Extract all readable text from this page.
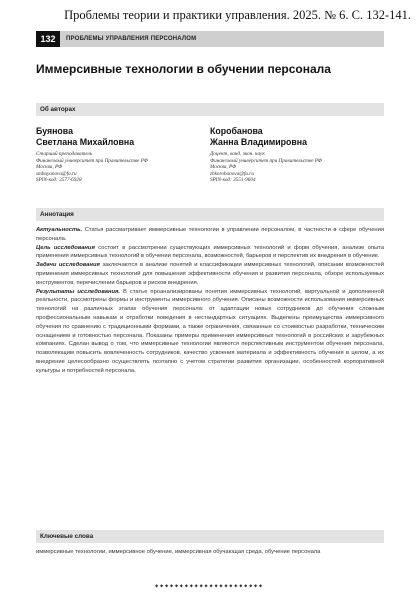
Проблемы теории и практики управления. 2025. № 6. С. 132-141.
132	ПРОБЛЕМЫ УПРАВЛЕНИЯ ПЕРСОНАЛОМ
Иммерсивные технологии в обучении персонала
Об авторах
Буянова
Светлана Михайловна
Старший преподаватель
Финансовый университет при Правительстве РФ
Москва, РФ
smbuyanova@fa.ru
SPIN-код: 2577-6928
Коробанова
Жанна Владимировна
Доцент, канд. экон. наук
Финансовый университет при Правительстве РФ
Москва, РФ
zhkorobanova@fa.ru
SPIN-код: 3551-9604
Аннотация

Актуальность. Статья рассматривает иммерсивные технологии в управлении персоналом, в частности в сфере обучения персонала.

Цель исследования состоит в рассмотрении существующих иммерсивных технологий и форм обучения, анализе опыта применения иммерсивных технологий в обучении персонала, возможностей, барьеров и перспектив их внедрения в обучение.

Задачи исследования заключаются в анализе понятий и классификации иммерсивных технологий, описании возможностей применения иммерсивных технологий для повышения эффективности обучения и развития персонала, обзоре используемых инструментов, перечислении барьеров и рисков внедрения.

Результаты исследования. В статье проанализированы понятия иммерсивных технологий, виртуальной и дополненной реальности, рассмотрены формы и инструменты иммерсивного обучения. Описаны возможности использования иммерсивных технологий на различных этапах обучения персонала: от адаптации новых сотрудников до обучения сложным профессиональным навыкам и отработки поведения в нестандартных ситуациях. Выделены преимущества иммерсивного обучения по сравнению с традиционными формами, а также ограничения, связанные со стоимостью разработки, техническим оснащением и готовностью персонала. Показаны примеры применения иммерсивных технологий в российских и зарубежных компаниях. Сделан вывод о том, что иммерсивные технологии являются перспективным инструментом обучения персонала, позволяющим повысить вовлеченность сотрудников, качество усвоения материала и эффективность обучения в целом, а их внедрение целесообразно осуществлять поэтапно с учетом стратегии развития организации, особенностей корпоративной культуры и потребностей персонала.

Ключевые слова
иммерсивные технологии, иммерсивное обучение, иммерсивная обучающая среда, обучение персонала
⬥⬥⬥⬥⬥⬥⬥⬥⬥⬥⬥⬥⬥⬥⬥⬥⬥⬥⬥⬥⬥⬥
